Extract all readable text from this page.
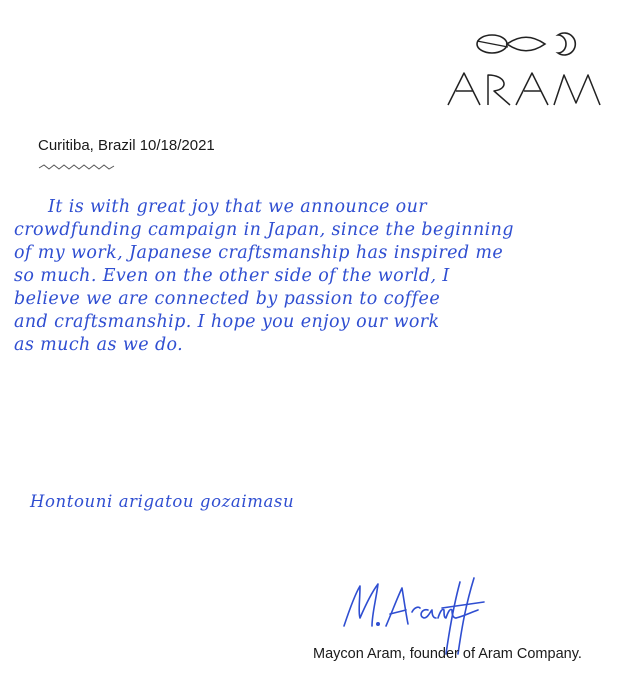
Curitiba, Brazil 10/18/2021
It is with great joy that we announce our
crowdfunding campaign in Japan, since the beginning
of my work, Japanese craftsmanship has inspired me
so much. Even on the other side of the world, I
believe we are connected by passion to coffee
and craftsmanship. I hope you enjoy our work
as much as we do.
Hontouni arigatou gozaimasu
Maycon Aram, founder of Aram Company.
